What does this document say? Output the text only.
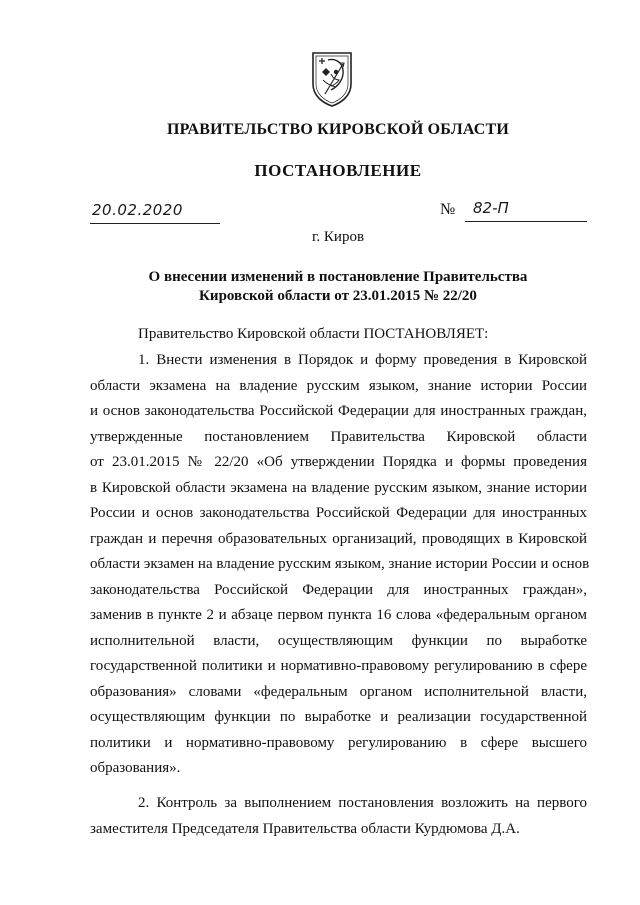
ПРАВИТЕЛЬСТВО КИРОВСКОЙ ОБЛАСТИ
ПОСТАНОВЛЕНИЕ
20.02.2020	№ 82-П
г. Киров
О внесении изменений в постановление Правительства
Кировской области от 23.01.2015 № 22/20
Правительство Кировской области ПОСТАНОВЛЯЕТ:
1. Внести изменения в Порядок и форму проведения в Кировской
области экзамена на владение русским языком, знание истории России
и основ законодательства Российской Федерации для иностранных граждан,
утвержденные постановлением Правительства Кировской области
от 23.01.2015 № 22/20 «Об утверждении Порядка и формы проведения
в Кировской области экзамена на владение русским языком, знание истории
России и основ законодательства Российской Федерации для иностранных
граждан и перечня образовательных организаций, проводящих в Кировской
области экзамен на владение русским языком, знание истории России и основ
законодательства Российской Федерации для иностранных граждан»,
заменив в пункте 2 и абзаце первом пункта 16 слова «федеральным органом
исполнительной власти, осуществляющим функции по выработке
государственной политики и нормативно-правовому регулированию в сфере
образования» словами «федеральным органом исполнительной власти,
осуществляющим функции по выработке и реализации государственной
политики и нормативно-правовому регулированию в сфере высшего
образования».
2. Контроль за выполнением постановления возложить на первого
заместителя Председателя Правительства области Курдюмова Д.А.
